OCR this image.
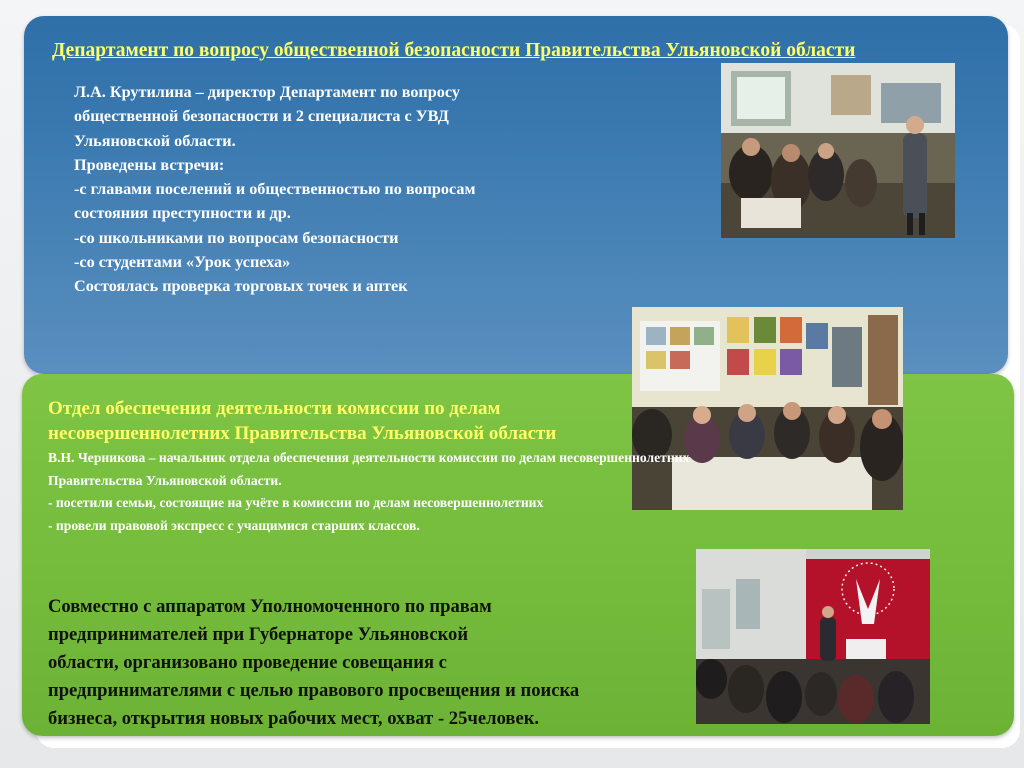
Департамент по вопросу общественной безопасности Правительства Ульяновской области
Л.А. Крутилина – директор Департамент по вопросу
общественной безопасности и 2 специалиста с УВД
Ульяновской области.
Проведены встречи:
-с главами поселений и общественностью по вопросам
состояния преступности и др.
-со школьниками по вопросам безопасности
-со студентами «Урок успеха»
Состоялась проверка торговых точек и аптек
Отдел обеспечения деятельности комиссии по делам
несовершеннолетних Правительства Ульяновской области
В.Н. Черникова – начальник отдела обеспечения деятельности комиссии по делам несовершеннолетних
Правительства Ульяновской области.
- посетили семьи, состоящие на учёте в комиссии по делам несовершеннолетних
- провели правовой экспресс с учащимися старших классов.
Совместно с аппаратом Уполномоченного по правам
предпринимателей при Губернаторе Ульяновской
области, организовано проведение совещания с
предпринимателями с целью правового просвещения и поиска
бизнеса, открытия новых рабочих мест, охват - 25человек.
